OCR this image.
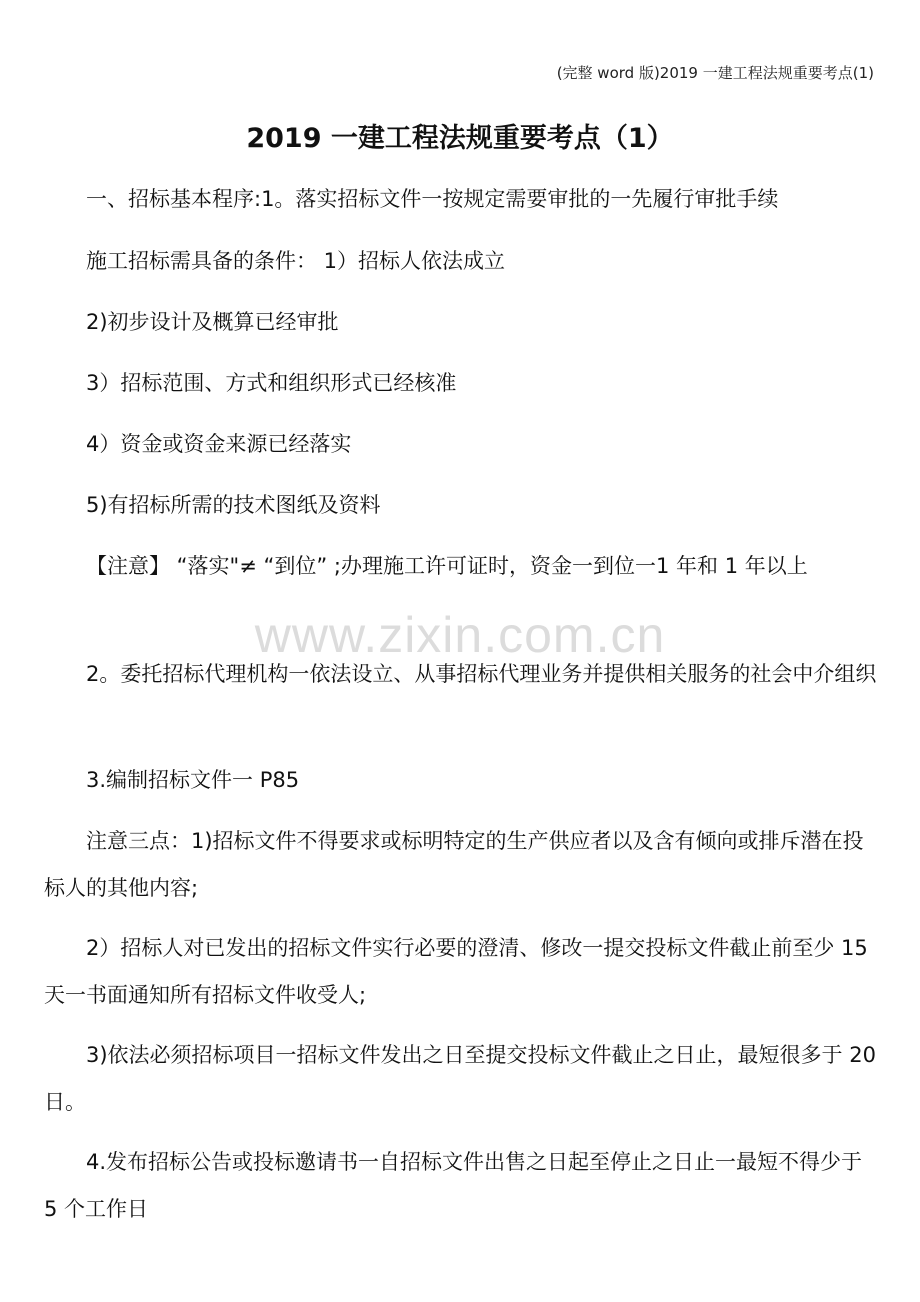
(完整 word 版)2019 一建工程法规重要考点(1)
2019 一建工程法规重要考点（1）
www.zixin.com.cn

一、招标基本程序:1。落实招标文件一按规定需要审批的一先履行审批手续

施工招标需具备的条件： 1）招标人依法成立

2)初步设计及概算已经审批

3）招标范围、方式和组织形式已经核准

4）资金或资金来源已经落实

5)有招标所需的技术图纸及资料

【注意】 “落实"≠ “到位” ;办理施工许可证时，资金一到位一1 年和 1 年以上

2。委托招标代理机构一依法设立、从事招标代理业务并提供相关服务的社会中介组织

3.编制招标文件一 P85

注意三点：1)招标文件不得要求或标明特定的生产供应者以及含有倾向或排斥潜在投标人的其他内容;

2）招标人对已发出的招标文件实行必要的澄清、修改一提交投标文件截止前至少 15 天一书面通知所有招标文件收受人;

3)依法必须招标项目一招标文件发出之日至提交投标文件截止之日止，最短很多于 20 日。

4.发布招标公告或投标邀请书一自招标文件出售之日起至停止之日止一最短不得少于 5 个工作日
